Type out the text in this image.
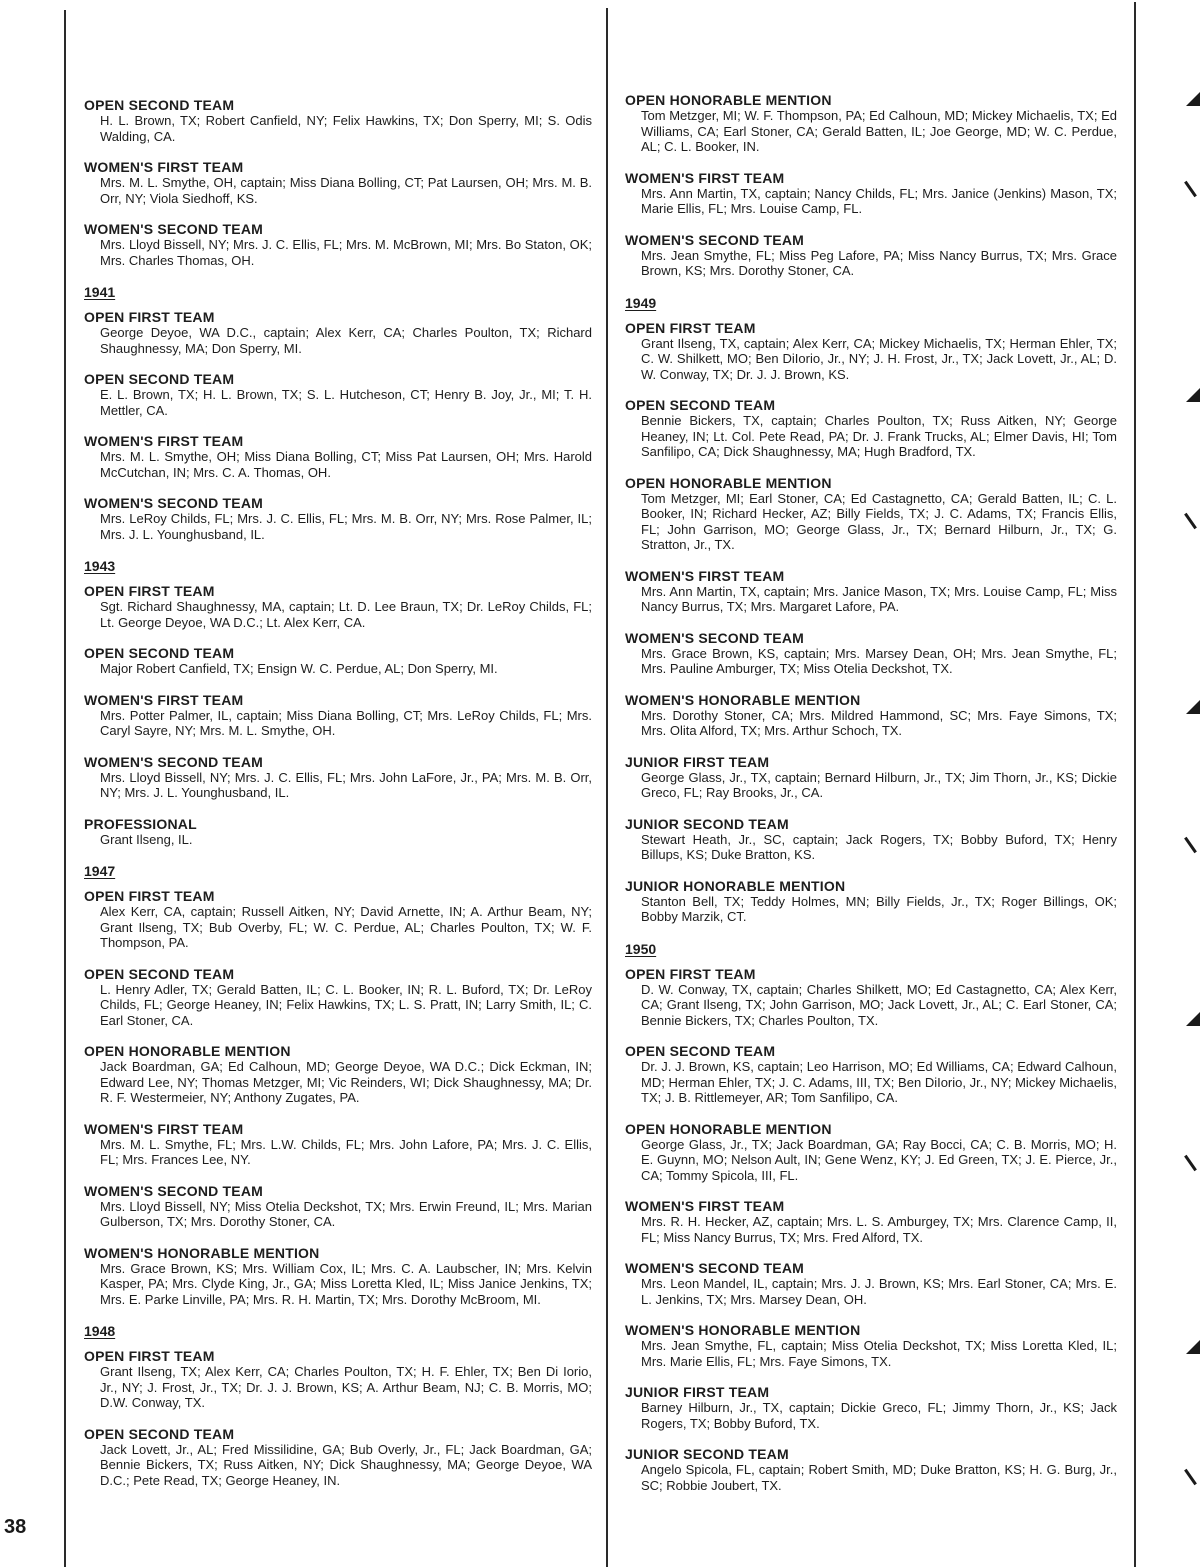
OPEN SECOND TEAM
H. L. Brown, TX; Robert Canfield, NY; Felix Hawkins, TX; Don Sperry, MI; S. Odis Walding, CA.
WOMEN'S FIRST TEAM
Mrs. M. L. Smythe, OH, captain; Miss Diana Bolling, CT; Pat Laursen, OH; Mrs. M. B. Orr, NY; Viola Siedhoff, KS.
WOMEN'S SECOND TEAM
Mrs. Lloyd Bissell, NY; Mrs. J. C. Ellis, FL; Mrs. M. McBrown, MI; Mrs. Bo Staton, OK; Mrs. Charles Thomas, OH.
1941
OPEN FIRST TEAM
George Deyoe, WA D.C., captain; Alex Kerr, CA; Charles Poulton, TX; Richard Shaughnessy, MA; Don Sperry, MI.
OPEN SECOND TEAM
E. L. Brown, TX; H. L. Brown, TX; S. L. Hutcheson, CT; Henry B. Joy, Jr., MI; T. H. Mettler, CA.
WOMEN'S FIRST TEAM
Mrs. M. L. Smythe, OH; Miss Diana Bolling, CT; Miss Pat Laursen, OH; Mrs. Harold McCutchan, IN; Mrs. C. A. Thomas, OH.
WOMEN'S SECOND TEAM
Mrs. LeRoy Childs, FL; Mrs. J. C. Ellis, FL; Mrs. M. B. Orr, NY; Mrs. Rose Palmer, IL; Mrs. J. L. Younghusband, IL.
1943
OPEN FIRST TEAM
Sgt. Richard Shaughnessy, MA, captain; Lt. D. Lee Braun, TX; Dr. LeRoy Childs, FL; Lt. George Deyoe, WA D.C.; Lt. Alex Kerr, CA.
OPEN SECOND TEAM
Major Robert Canfield, TX; Ensign W. C. Perdue, AL; Don Sperry, MI.
WOMEN'S FIRST TEAM
Mrs. Potter Palmer, IL, captain; Miss Diana Bolling, CT; Mrs. LeRoy Childs, FL; Mrs. Caryl Sayre, NY; Mrs. M. L. Smythe, OH.
WOMEN'S SECOND TEAM
Mrs. Lloyd Bissell, NY; Mrs. J. C. Ellis, FL; Mrs. John LaFore, Jr., PA; Mrs. M. B. Orr, NY; Mrs. J. L. Younghusband, IL.
PROFESSIONAL
Grant Ilseng, IL.
1947
OPEN FIRST TEAM
Alex Kerr, CA, captain; Russell Aitken, NY; David Arnette, IN; A. Arthur Beam, NY; Grant Ilseng, TX; Bub Overby, FL; W. C. Perdue, AL; Charles Poulton, TX; W. F. Thompson, PA.
OPEN SECOND TEAM
L. Henry Adler, TX; Gerald Batten, IL; C. L. Booker, IN; R. L. Buford, TX; Dr. LeRoy Childs, FL; George Heaney, IN; Felix Hawkins, TX; L. S. Pratt, IN; Larry Smith, IL; C. Earl Stoner, CA.
OPEN HONORABLE MENTION
Jack Boardman, GA; Ed Calhoun, MD; George Deyoe, WA D.C.; Dick Eckman, IN; Edward Lee, NY; Thomas Metzger, MI; Vic Reinders, WI; Dick Shaughnessy, MA; Dr. R. F. Westermeier, NY; Anthony Zugates, PA.
WOMEN'S FIRST TEAM
Mrs. M. L. Smythe, FL; Mrs. L.W. Childs, FL; Mrs. John Lafore, PA; Mrs. J. C. Ellis, FL; Mrs. Frances Lee, NY.
WOMEN'S SECOND TEAM
Mrs. Lloyd Bissell, NY; Miss Otelia Deckshot, TX; Mrs. Erwin Freund, IL; Mrs. Marian Gulberson, TX; Mrs. Dorothy Stoner, CA.
WOMEN'S HONORABLE MENTION
Mrs. Grace Brown, KS; Mrs. William Cox, IL; Mrs. C. A. Laubscher, IN; Mrs. Kelvin Kasper, PA; Mrs. Clyde King, Jr., GA; Miss Loretta Kled, IL; Miss Janice Jenkins, TX; Mrs. E. Parke Linville, PA; Mrs. R. H. Martin, TX; Mrs. Dorothy McBroom, MI.
1948
OPEN FIRST TEAM
Grant Ilseng, TX; Alex Kerr, CA; Charles Poulton, TX; H. F. Ehler, TX; Ben Di Iorio, Jr., NY; J. Frost, Jr., TX; Dr. J. J. Brown, KS; A. Arthur Beam, NJ; C. B. Morris, MO; D.W. Conway, TX.
OPEN SECOND TEAM
Jack Lovett, Jr., AL; Fred Missilidine, GA; Bub Overly, Jr., FL; Jack Boardman, GA; Bennie Bickers, TX; Russ Aitken, NY; Dick Shaughnessy, MA; George Deyoe, WA D.C.; Pete Read, TX; George Heaney, IN.
OPEN HONORABLE MENTION
Tom Metzger, MI; W. F. Thompson, PA; Ed Calhoun, MD; Mickey Michaelis, TX; Ed Williams, CA; Earl Stoner, CA; Gerald Batten, IL; Joe George, MD; W. C. Perdue, AL; C. L. Booker, IN.
WOMEN'S FIRST TEAM
Mrs. Ann Martin, TX, captain; Nancy Childs, FL; Mrs. Janice (Jenkins) Mason, TX; Marie Ellis, FL; Mrs. Louise Camp, FL.
WOMEN'S SECOND TEAM
Mrs. Jean Smythe, FL; Miss Peg Lafore, PA; Miss Nancy Burrus, TX; Mrs. Grace Brown, KS; Mrs. Dorothy Stoner, CA.
1949
OPEN FIRST TEAM
Grant Ilseng, TX, captain; Alex Kerr, CA; Mickey Michaelis, TX; Herman Ehler, TX; C. W. Shilkett, MO; Ben DiIorio, Jr., NY; J. H. Frost, Jr., TX; Jack Lovett, Jr., AL; D. W. Conway, TX; Dr. J. J. Brown, KS.
OPEN SECOND TEAM
Bennie Bickers, TX, captain; Charles Poulton, TX; Russ Aitken, NY; George Heaney, IN; Lt. Col. Pete Read, PA; Dr. J. Frank Trucks, AL; Elmer Davis, HI; Tom Sanfilipo, CA; Dick Shaughnessy, MA; Hugh Bradford, TX.
OPEN HONORABLE MENTION
Tom Metzger, MI; Earl Stoner, CA; Ed Castagnetto, CA; Gerald Batten, IL; C. L. Booker, IN; Richard Hecker, AZ; Billy Fields, TX; J. C. Adams, TX; Francis Ellis, FL; John Garrison, MO; George Glass, Jr., TX; Bernard Hilburn, Jr., TX; G. Stratton, Jr., TX.
WOMEN'S FIRST TEAM
Mrs. Ann Martin, TX, captain; Mrs. Janice Mason, TX; Mrs. Louise Camp, FL; Miss Nancy Burrus, TX; Mrs. Margaret Lafore, PA.
WOMEN'S SECOND TEAM
Mrs. Grace Brown, KS, captain; Mrs. Marsey Dean, OH; Mrs. Jean Smythe, FL; Mrs. Pauline Amburger, TX; Miss Otelia Deckshot, TX.
WOMEN'S HONORABLE MENTION
Mrs. Dorothy Stoner, CA; Mrs. Mildred Hammond, SC; Mrs. Faye Simons, TX; Mrs. Olita Alford, TX; Mrs. Arthur Schoch, TX.
JUNIOR FIRST TEAM
George Glass, Jr., TX, captain; Bernard Hilburn, Jr., TX; Jim Thorn, Jr., KS; Dickie Greco, FL; Ray Brooks, Jr., CA.
JUNIOR SECOND TEAM
Stewart Heath, Jr., SC, captain; Jack Rogers, TX; Bobby Buford, TX; Henry Billups, KS; Duke Bratton, KS.
JUNIOR HONORABLE MENTION
Stanton Bell, TX; Teddy Holmes, MN; Billy Fields, Jr., TX; Roger Billings, OK; Bobby Marzik, CT.
1950
OPEN FIRST TEAM
D. W. Conway, TX, captain; Charles Shilkett, MO; Ed Castagnetto, CA; Alex Kerr, CA; Grant Ilseng, TX; John Garrison, MO; Jack Lovett, Jr., AL; C. Earl Stoner, CA; Bennie Bickers, TX; Charles Poulton, TX.
OPEN SECOND TEAM
Dr. J. J. Brown, KS, captain; Leo Harrison, MO; Ed Williams, CA; Edward Calhoun, MD; Herman Ehler, TX; J. C. Adams, III, TX; Ben DiIorio, Jr., NY; Mickey Michaelis, TX; J. B. Rittlemeyer, AR; Tom Sanfilipo, CA.
OPEN HONORABLE MENTION
George Glass, Jr., TX; Jack Boardman, GA; Ray Bocci, CA; C. B. Morris, MO; H. E. Guynn, MO; Nelson Ault, IN; Gene Wenz, KY; J. Ed Green, TX; J. E. Pierce, Jr., CA; Tommy Spicola, III, FL.
WOMEN'S FIRST TEAM
Mrs. R. H. Hecker, AZ, captain; Mrs. L. S. Amburgey, TX; Mrs. Clarence Camp, II, FL; Miss Nancy Burrus, TX; Mrs. Fred Alford, TX.
WOMEN'S SECOND TEAM
Mrs. Leon Mandel, IL, captain; Mrs. J. J. Brown, KS; Mrs. Earl Stoner, CA; Mrs. E. L. Jenkins, TX; Mrs. Marsey Dean, OH.
WOMEN'S HONORABLE MENTION
Mrs. Jean Smythe, FL, captain; Miss Otelia Deckshot, TX; Miss Loretta Kled, IL; Mrs. Marie Ellis, FL; Mrs. Faye Simons, TX.
JUNIOR FIRST TEAM
Barney Hilburn, Jr., TX, captain; Dickie Greco, FL; Jimmy Thorn, Jr., KS; Jack Rogers, TX; Bobby Buford, TX.
JUNIOR SECOND TEAM
Angelo Spicola, FL, captain; Robert Smith, MD; Duke Bratton, KS; H. G. Burg, Jr., SC; Robbie Joubert, TX.
38
